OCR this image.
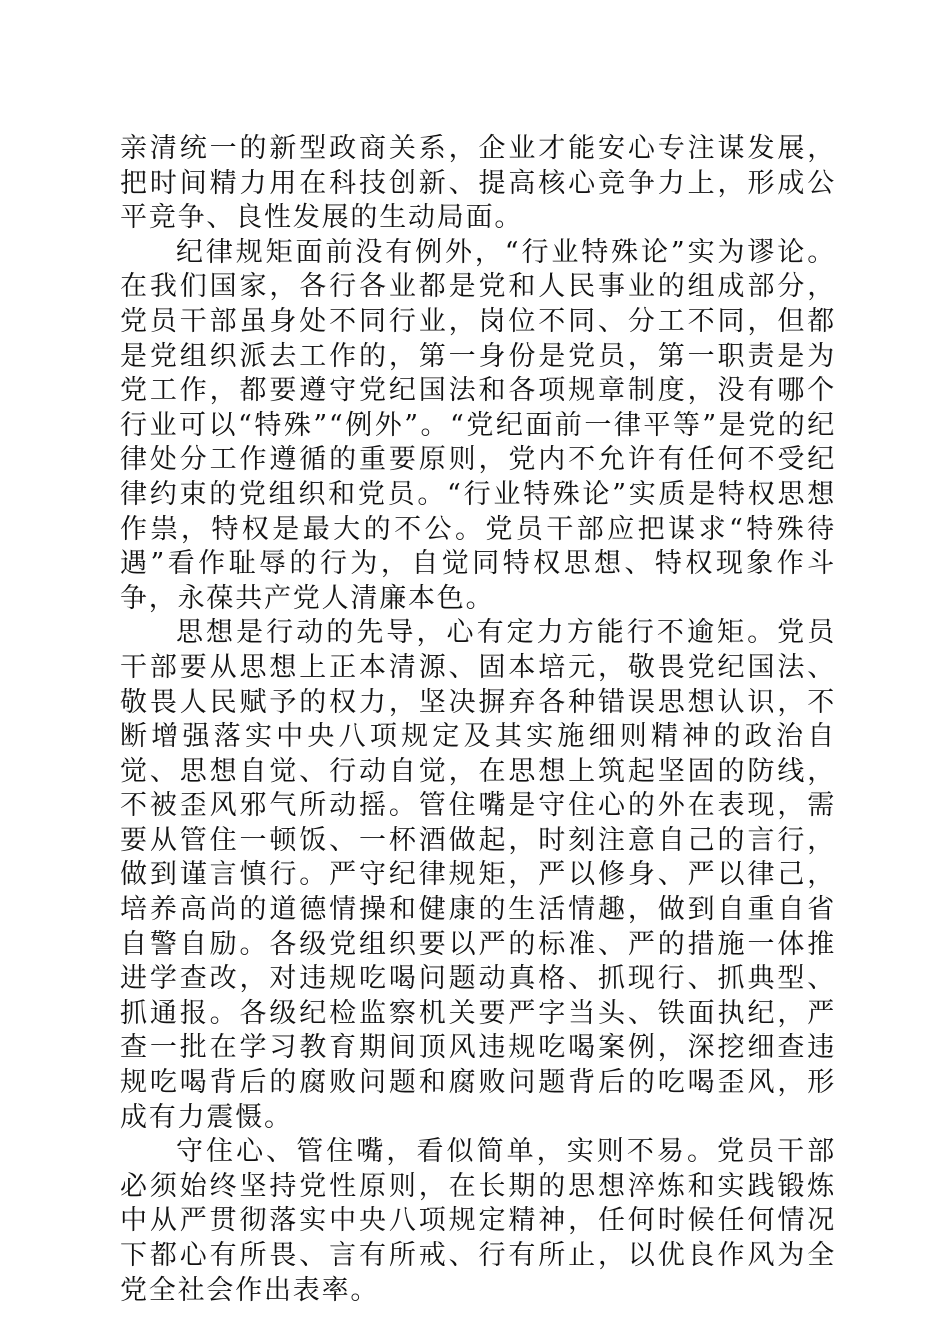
亲清统一的新型政商关系，企业才能安心专注谋发展，把时间精力用在科技创新、提高核心竞争力上，形成公平竞争、良性发展的生动局面。

纪律规矩面前没有例外，“行业特殊论”实为谬论。在我们国家，各行各业都是党和人民事业的组成部分，党员干部虽身处不同行业，岗位不同、分工不同，但都是党组织派去工作的，第一身份是党员，第一职责是为党工作，都要遵守党纪国法和各项规章制度，没有哪个行业可以“特殊”“例外”。“党纪面前一律平等”是党的纪律处分工作遵循的重要原则，党内不允许有任何不受纪律约束的党组织和党员。“行业特殊论”实质是特权思想作祟，特权是最大的不公。党员干部应把谋求“特殊待遇”看作耻辱的行为，自觉同特权思想、特权现象作斗争，永葆共产党人清廉本色。

思想是行动的先导，心有定力方能行不逾矩。党员干部要从思想上正本清源、固本培元，敬畏党纪国法、敬畏人民赋予的权力，坚决摒弃各种错误思想认识，不断增强落实中央八项规定及其实施细则精神的政治自觉、思想自觉、行动自觉，在思想上筑起坚固的防线，不被歪风邪气所动摇。管住嘴是守住心的外在表现，需要从管住一顿饭、一杯酒做起，时刻注意自己的言行，做到谨言慎行。严守纪律规矩，严以修身、严以律己，培养高尚的道德情操和健康的生活情趣，做到自重自省自警自励。各级党组织要以严的标准、严的措施一体推进学查改，对违规吃喝问题动真格、抓现行、抓典型、抓通报。各级纪检监察机关要严字当头、铁面执纪，严查一批在学习教育期间顶风违规吃喝案例，深挖细查违规吃喝背后的腐败问题和腐败问题背后的吃喝歪风，形成有力震慑。

守住心、管住嘴，看似简单，实则不易。党员干部必须始终坚持党性原则，在长期的思想淬炼和实践锻炼中从严贯彻落实中央八项规定精神，任何时候任何情况下都心有所畏、言有所戒、行有所止，以优良作风为全党全社会作出表率。
